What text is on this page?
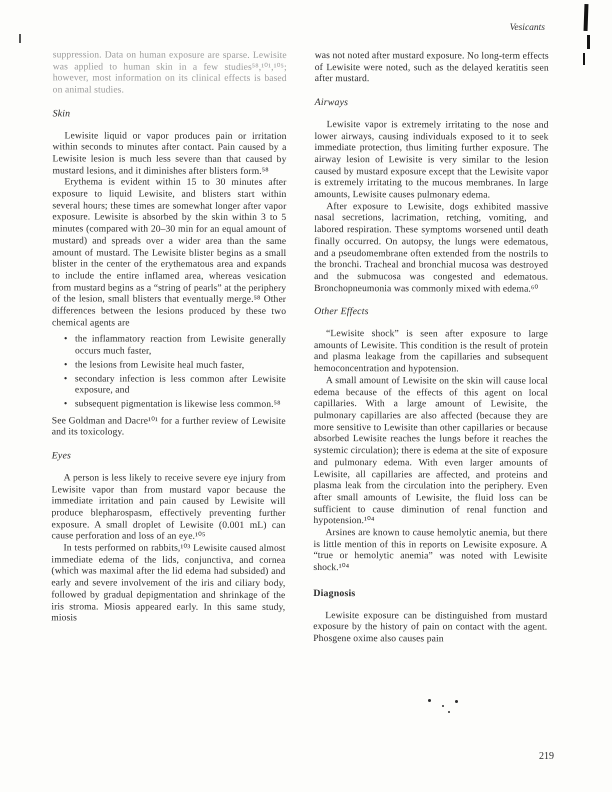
Vesicants

suppression. Data on human exposure are sparse. Lewisite was applied to human skin in a few studies⁵⁸,¹⁰¹,¹⁰⁵; however, most information on its clinical effects is based on animal studies.

Skin

Lewisite liquid or vapor produces pain or irritation within seconds to minutes after contact. Pain caused by a Lewisite lesion is much less severe than that caused by mustard lesions, and it diminishes after blisters form.⁵⁸

Erythema is evident within 15 to 30 minutes after exposure to liquid Lewisite, and blisters start within several hours; these times are somewhat longer after vapor exposure. Lewisite is absorbed by the skin within 3 to 5 minutes (compared with 20–30 min for an equal amount of mustard) and spreads over a wider area than the same amount of mustard. The Lewisite blister begins as a small blister in the center of the erythematous area and expands to include the entire inflamed area, whereas vesication from mustard begins as a “string of pearls” at the periphery of the lesion, small blisters that eventually merge.⁵⁸ Other differences between the lesions produced by these two chemical agents are

• the inflammatory reaction from Lewisite generally occurs much faster,
• the lesions from Lewisite heal much faster,
• secondary infection is less common after Lewisite exposure, and
• subsequent pigmentation is likewise less common.⁵⁸

See Goldman and Dacre¹⁰¹ for a further review of Lewisite and its toxicology.

Eyes

A person is less likely to receive severe eye injury from Lewisite vapor than from mustard vapor because the immediate irritation and pain caused by Lewisite will produce blepharospasm, effectively preventing further exposure. A small droplet of Lewisite (0.001 mL) can cause perforation and loss of an eye.¹⁰⁵

In tests performed on rabbits,¹⁰³ Lewisite caused almost immediate edema of the lids, conjunctiva, and cornea (which was maximal after the lid edema had subsided) and early and severe involvement of the iris and ciliary body, followed by gradual depigmentation and shrinkage of the iris stroma. Miosis appeared early. In this same study, miosis

was not noted after mustard exposure. No long-term effects of Lewisite were noted, such as the delayed keratitis seen after mustard.

Airways

Lewisite vapor is extremely irritating to the nose and lower airways, causing individuals exposed to it to seek immediate protection, thus limiting further exposure. The airway lesion of Lewisite is very similar to the lesion caused by mustard exposure except that the Lewisite vapor is extremely irritating to the mucous membranes. In large amounts, Lewisite causes pulmonary edema.

After exposure to Lewisite, dogs exhibited massive nasal secretions, lacrimation, retching, vomiting, and labored respiration. These symptoms worsened until death finally occurred. On autopsy, the lungs were edematous, and a pseudomembrane often extended from the nostrils to the bronchi. Tracheal and bronchial mucosa was destroyed and the submucosa was congested and edematous. Bronchopneumonia was commonly mixed with edema.⁶⁰

Other Effects

“Lewisite shock” is seen after exposure to large amounts of Lewisite. This condition is the result of protein and plasma leakage from the capillaries and subsequent hemoconcentration and hypotension.

A small amount of Lewisite on the skin will cause local edema because of the effects of this agent on local capillaries. With a large amount of Lewisite, the pulmonary capillaries are also affected (because they are more sensitive to Lewisite than other capillaries or because absorbed Lewisite reaches the lungs before it reaches the systemic circulation); there is edema at the site of exposure and pulmonary edema. With even larger amounts of Lewisite, all capillaries are affected, and proteins and plasma leak from the circulation into the periphery. Even after small amounts of Lewisite, the fluid loss can be sufficient to cause diminution of renal function and hypotension.¹⁰⁴

Arsines are known to cause hemolytic anemia, but there is little mention of this in reports on Lewisite exposure. A “true or hemolytic anemia” was noted with Lewisite shock.¹⁰⁴

Diagnosis

Lewisite exposure can be distinguished from mustard exposure by the history of pain on contact with the agent. Phosgene oxime also causes pain

219
